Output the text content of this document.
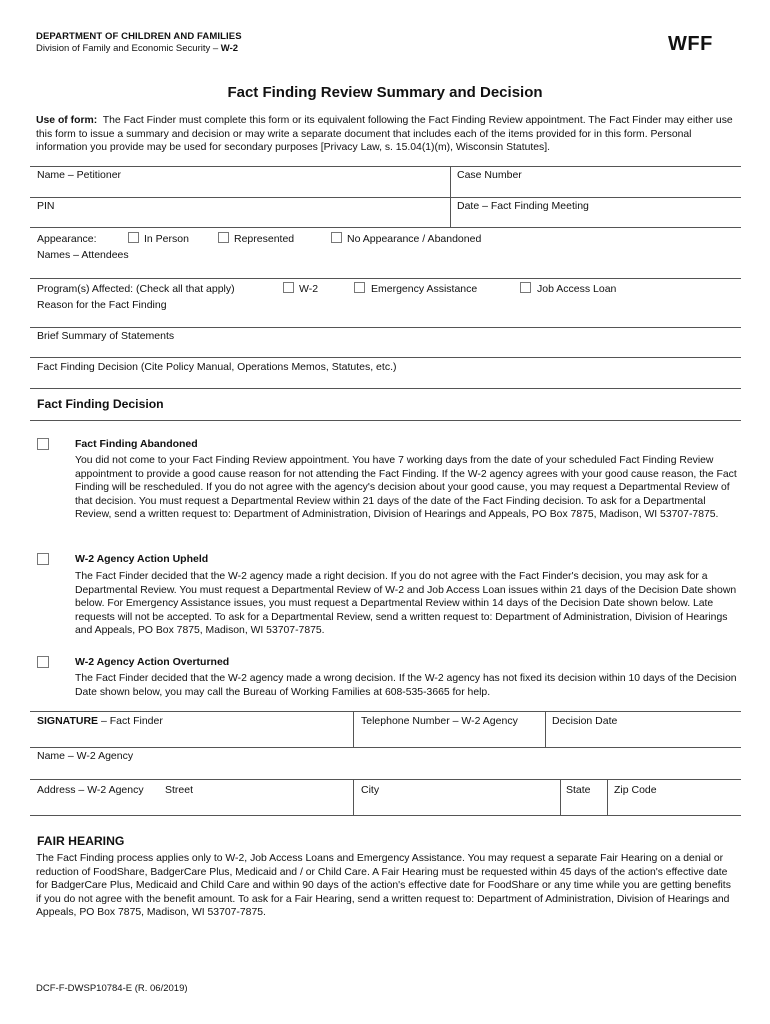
DEPARTMENT OF CHILDREN AND FAMILIES
Division of Family and Economic Security – W-2	WFF
Fact Finding Review Summary and Decision
Use of form: The Fact Finder must complete this form or its equivalent following the Fact Finding Review appointment. The Fact Finder may either use this form to issue a summary and decision or may write a separate document that includes each of the items provided for in this form. Personal information you provide may be used for secondary purposes [Privacy Law, s. 15.04(1)(m), Wisconsin Statutes].
Name – Petitioner	Case Number
PIN	Date – Fact Finding Meeting
Appearance:	In Person	Represented	No Appearance / Abandoned
Names – Attendees
Program(s) Affected: (Check all that apply)	W-2	Emergency Assistance	Job Access Loan
Reason for the Fact Finding
Brief Summary of Statements
Fact Finding Decision (Cite Policy Manual, Operations Memos, Statutes, etc.)
Fact Finding Decision
Fact Finding Abandoned
You did not come to your Fact Finding Review appointment. You have 7 working days from the date of your scheduled Fact Finding Review appointment to provide a good cause reason for not attending the Fact Finding. If the W-2 agency agrees with your good cause reason, the Fact Finding will be rescheduled. If you do not agree with the agency's decision about your good cause, you may request a Departmental Review of that decision. You must request a Departmental Review within 21 days of the date of the Fact Finding decision. To ask for a Departmental Review, send a written request to: Department of Administration, Division of Hearings and Appeals, PO Box 7875, Madison, WI 53707-7875.
W-2 Agency Action Upheld
The Fact Finder decided that the W-2 agency made a right decision. If you do not agree with the Fact Finder's decision, you may ask for a Departmental Review. You must request a Departmental Review of W-2 and Job Access Loan issues within 21 days of the Decision Date shown below. For Emergency Assistance issues, you must request a Departmental Review within 14 days of the Decision Date shown below. Late requests will not be accepted. To ask for a Departmental Review, send a written request to: Department of Administration, Division of Hearings and Appeals, PO Box 7875, Madison, WI 53707-7875.
W-2 Agency Action Overturned
The Fact Finder decided that the W-2 agency made a wrong decision. If the W-2 agency has not fixed its decision within 10 days of the Decision Date shown below, you may call the Bureau of Working Families at 608-535-3665 for help.
SIGNATURE – Fact Finder	Telephone Number – W-2 Agency	Decision Date
Name – W-2 Agency
Address – W-2 Agency Street	City	State Zip Code
FAIR HEARING
The Fact Finding process applies only to W-2, Job Access Loans and Emergency Assistance. You may request a separate Fair Hearing on a denial or reduction of FoodShare, BadgerCare Plus, Medicaid and / or Child Care. A Fair Hearing must be requested within 45 days of the action's effective date for BadgerCare Plus, Medicaid and Child Care and within 90 days of the action's effective date for FoodShare or any time while you are getting benefits if you do not agree with the benefit amount. To ask for a Fair Hearing, send a written request to: Department of Administration, Division of Hearings and Appeals, PO Box 7875, Madison, WI 53707-7875.
DCF-F-DWSP10784-E (R. 06/2019)
